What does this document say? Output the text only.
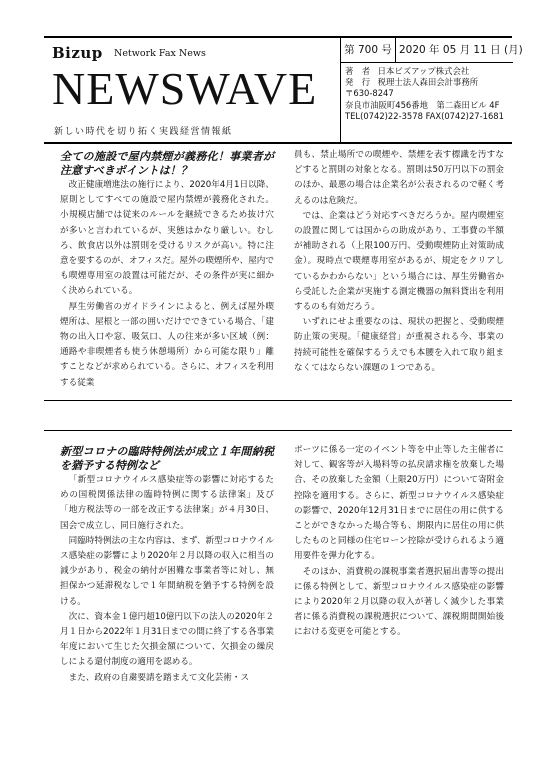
Bizup Network Fax News
NEWSWAVE
新しい時代を切り拓く実践経営情報紙
第 700 号 2020 年 05 月 11 日 (月)
著　者 日本ビズアップ株式会社
発　行 税理士法人森田会計事務所
〒630-8247
奈良市油阪町456番地　第二森田ビル 4F
TEL(0742)22-3578 FAX(0742)27-1681

全ての施設で屋内禁煙が義務化！事業者が注意すべきポイントは！？

改正健康増進法の施行により、2020年4月1日以降、原則としてすべての施設で屋内禁煙が義務化された。小規模店舗では従来のルールを継続できるため抜け穴が多いと言われているが、実態はかなり厳しい。むしろ、飲食店以外は罰則を受けるリスクが高い。特に注意を要するのが、オフィスだ。屋外の喫煙所や、屋内でも喫煙専用室の設置は可能だが、その条件が実に細かく決められている。

厚生労働省のガイドラインによると、例えば屋外喫煙所は、屋根と一部の囲いだけでできている場合、「建物の出入口や窓、吸気口、人の往来が多い区域（例：通路や非喫煙者も使う休憩場所）から可能な限り」離すことなどが求められている。さらに、オフィスを利用する従業

員も、禁止場所での喫煙や、禁煙を表す標識を汚すなどすると罰則の対象となる。罰則は50万円以下の罰金のほか、最悪の場合は企業名が公表されるので軽く考えるのは危険だ。

では、企業はどう対応すべきだろうか。屋内喫煙室の設置に関しては国からの助成があり、工事費の半額が補助される（上限100万円、受動喫煙防止対策助成金）。現時点で喫煙専用室があるが、規定をクリアしているかわからない」という場合には、厚生労働省から受託した企業が実施する測定機器の無料貸出を利用するのも有効だろう。

いずれにせよ重要なのは、現状の把握と、受動喫煙防止策の実現。「健康経営」が重視される今、事業の持続可能性を確保するうえでも本腰を入れて取り組まなくてはならない課題の１つである。

新型コロナの臨時特例法が成立１年間納税を猶予する特例など

「新型コロナウイルス感染症等の影響に対応するための国税関係法律の臨時特例に関する法律案」及び「地方税法等の一部を改正する法律案」が４月30日、国会で成立し、同日施行された。

同臨時特例法の主な内容は、まず、新型コロナウイルス感染症の影響により2020年２月以降の収入に相当の減少があり、税金の納付が困難な事業者等に対し、無担保かつ延滞税なしで１年間納税を猶予する特例を設ける。

次に、資本金１億円超10億円以下の法人の2020年２月１日から2022年１月31日までの間に終了する各事業年度において生じた欠損金額について、欠損金の繰戻しによる還付制度の適用を認める。

また、政府の自粛要請を踏まえて文化芸術・ス

ポーツに係る一定のイベント等を中止等した主催者に対して、観客等が入場料等の払戻請求権を放棄した場合、その放棄した金額（上限20万円）について寄附金控除を適用する。さらに、新型コロナウイルス感染症の影響で、2020年12月31日までに居住の用に供することができなかった場合等も、期限内に居住の用に供したものと同様の住宅ローン控除が受けられるよう適用要件を弾力化する。

そのほか、消費税の課税事業者選択届出書等の提出に係る特例として、新型コロナウイルス感染症の影響により2020年２月以降の収入が著しく減少した事業者に係る消費税の課税選択について、課税期間開始後における変更を可能とする。
